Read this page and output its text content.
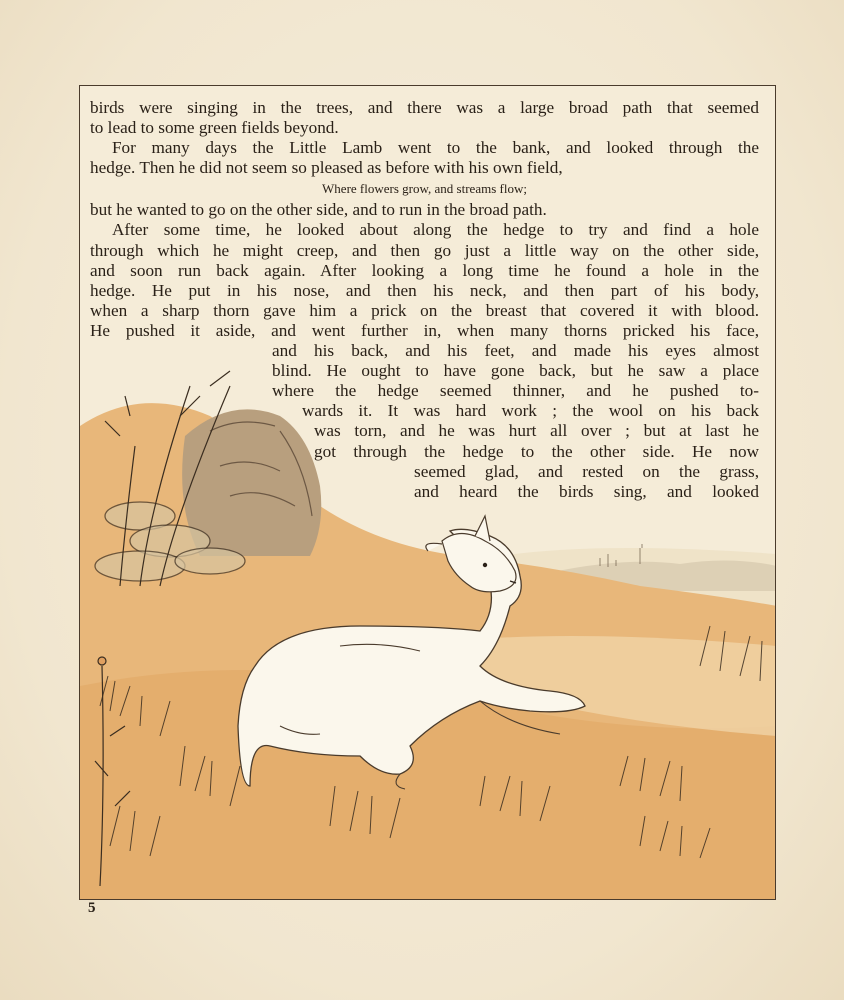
birds were singing in the trees, and there was a large broad path that seemed
to lead to some green fields beyond.
For many days the Little Lamb went to the bank, and looked through the
hedge. Then he did not seem so pleased as before with his own field,
Where flowers grow, and streams flow;
but he wanted to go on the other side, and to run in the broad path.
After some time, he looked about along the hedge to try and find a hole
through which he might creep, and then go just a little way on the other side,
and soon run back again. After looking a long time he found a hole in the
hedge. He put in his nose, and then his neck, and then part of his body,
when a sharp thorn gave him a prick on the breast that covered it with blood.
He pushed it aside, and went further in, when many thorns pricked his face,
and his back, and his feet, and made his eyes almost
blind. He ought to have gone back, but he saw a place
where the hedge seemed thinner, and he pushed to-
wards it. It was hard work ; the wool on his back
was torn, and he was hurt all over ; but at last he
got through the hedge to the other side. He now
seemed glad, and rested on the grass,
and heard the birds sing, and looked
5
